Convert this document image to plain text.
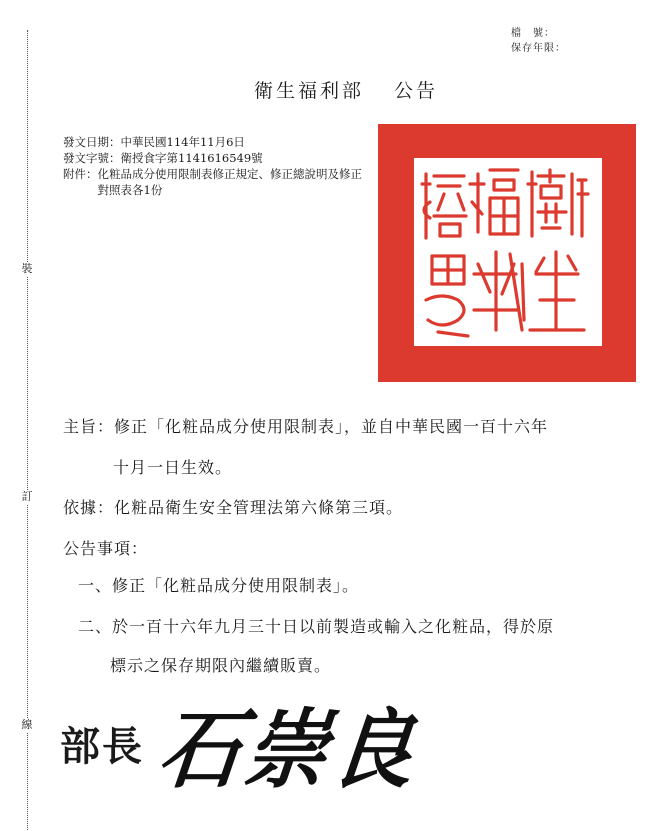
裝
訂
線
檔　號：
保存年限：
衛生福利部 公告
發文日期： 中華民國114年11月6日
發文字號： 衛授食字第1141616549號
附件： 化粧品成分使用限制表修正規定、修正總說明及修正對照表各1份
主旨：修正「化粧品成分使用限制表」，並自中華民國一百十六年
十月一日生效。
依據：化粧品衛生安全管理法第六條第三項。
公告事項：
一、修正「化粧品成分使用限制表」。
二、於一百十六年九月三十日以前製造或輸入之化粧品，得於原
標示之保存期限內繼續販賣。
部長 石崇良
